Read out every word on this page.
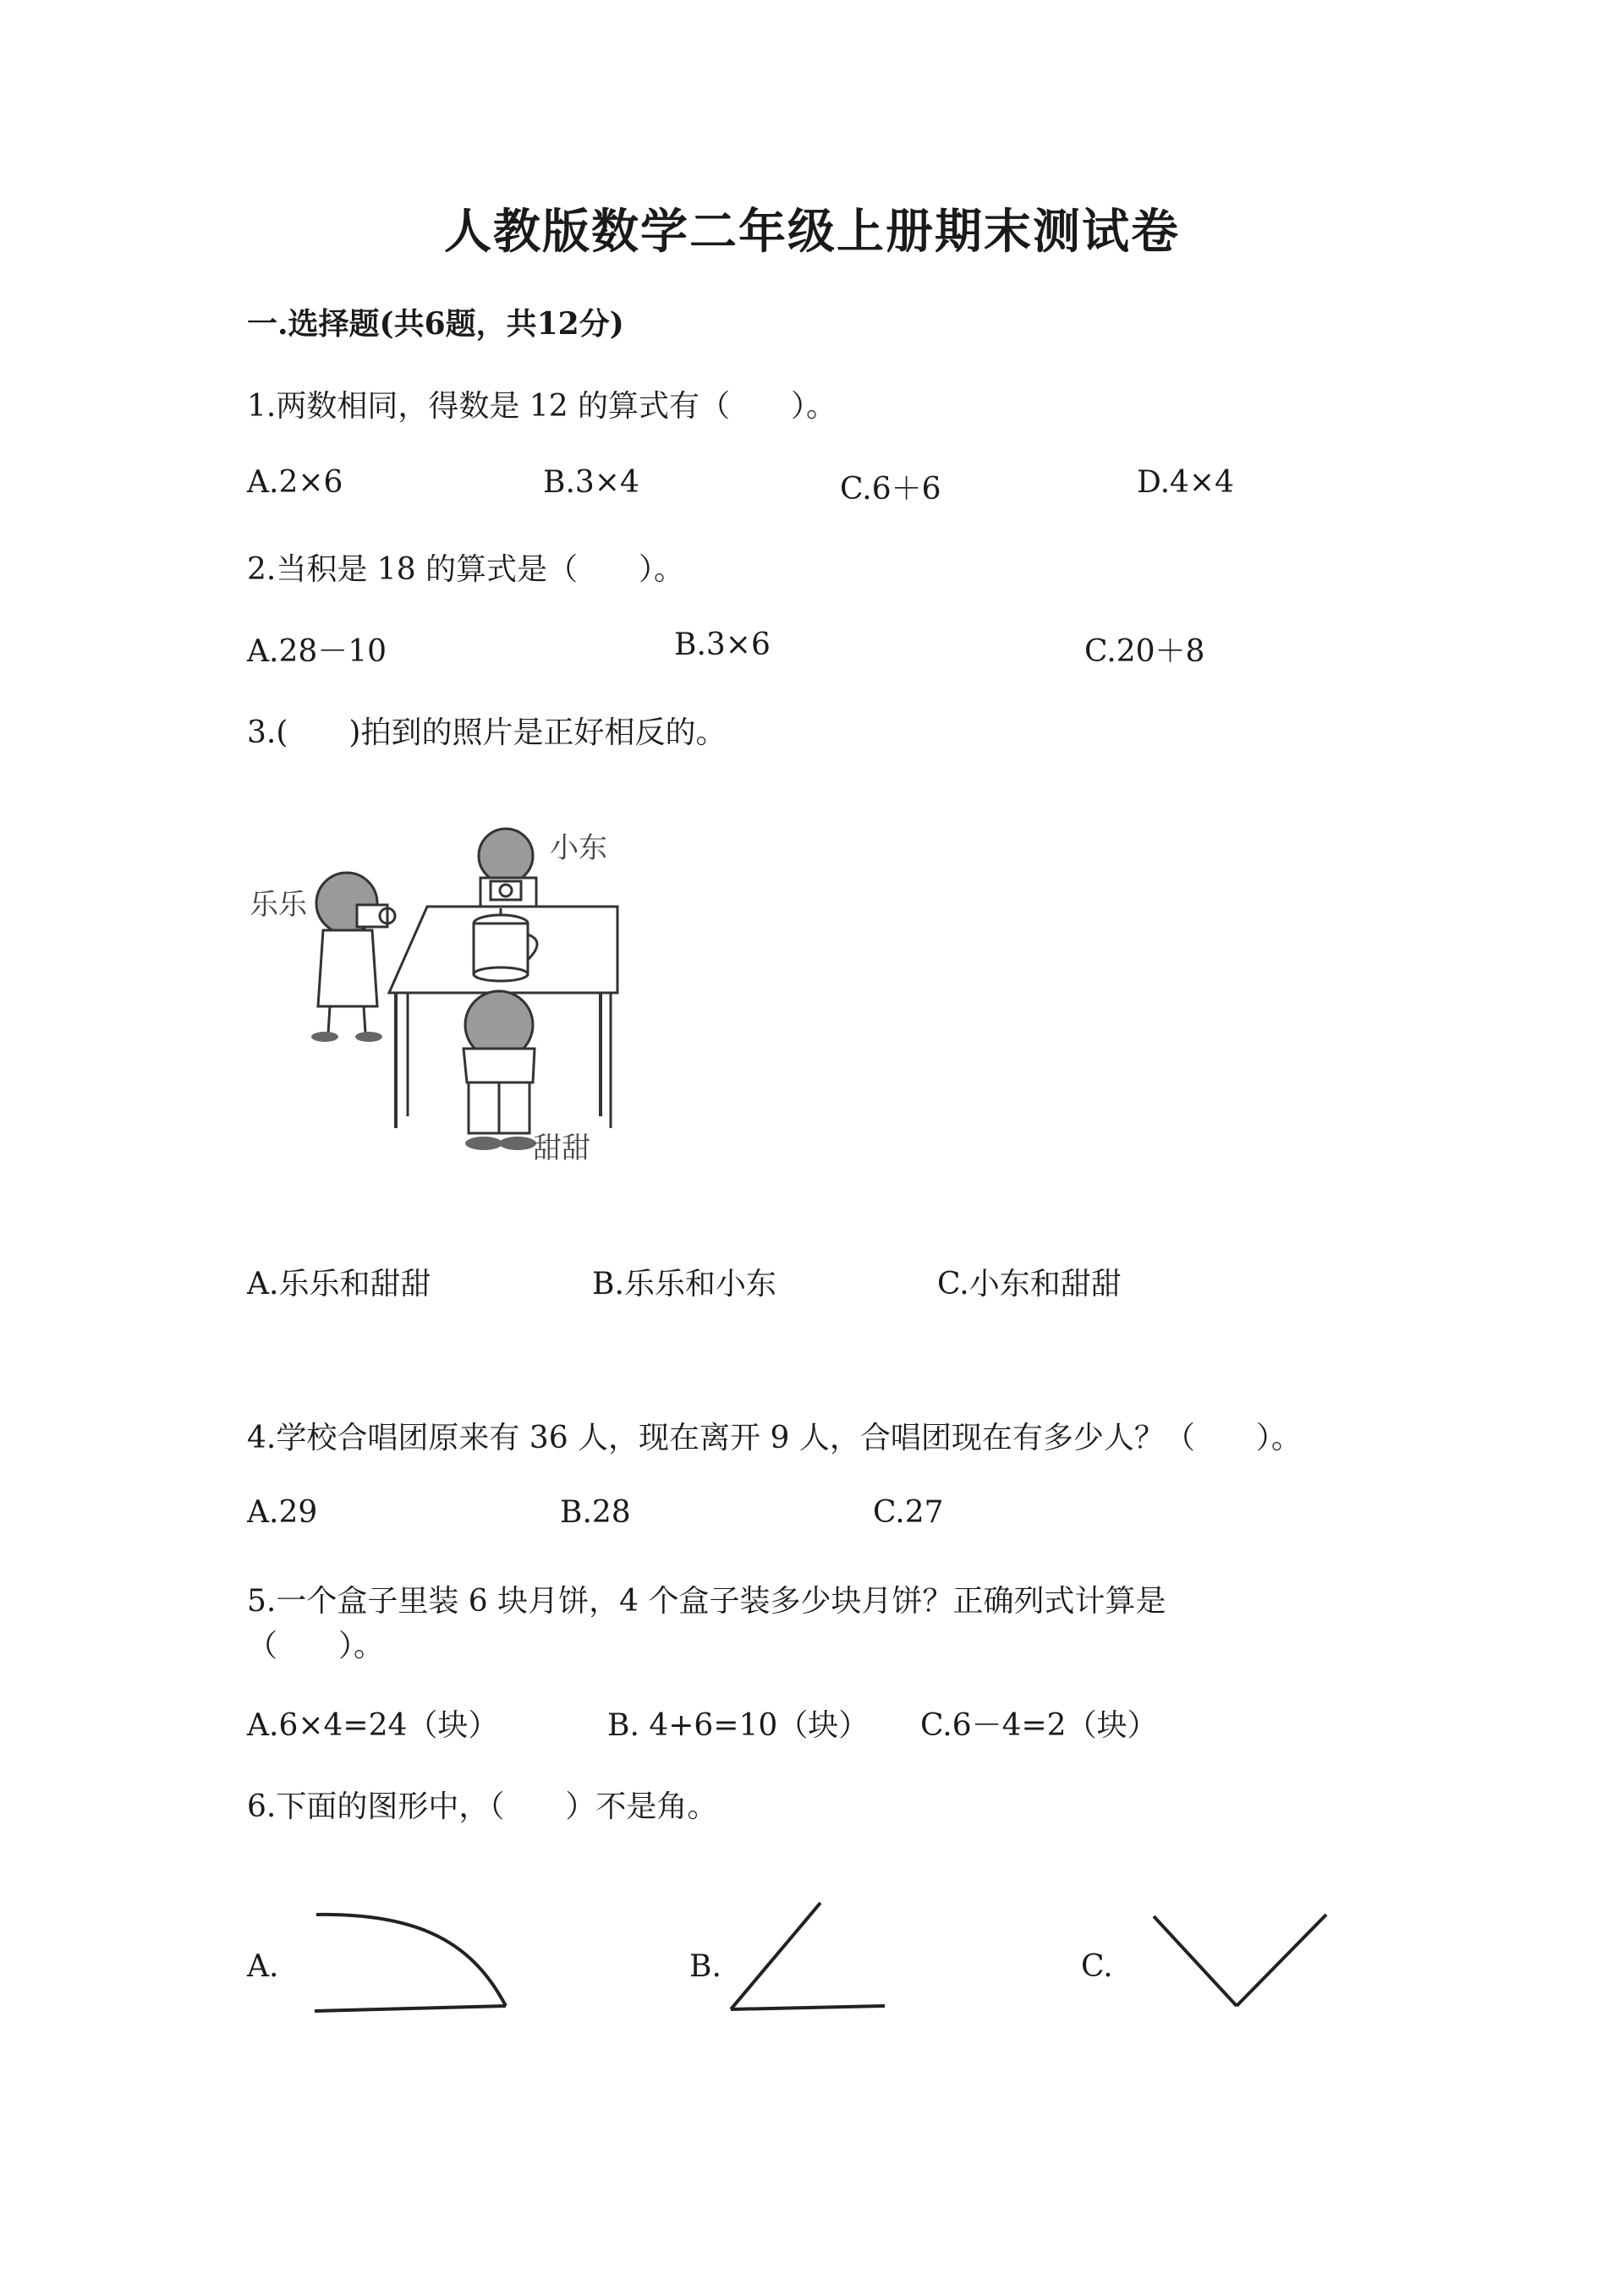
人教版数学二年级上册期末测试卷
一.选择题(共6题，共12分)
1.两数相同，得数是 12 的算式有（　　）。
A.2×6	B.3×4	C.6＋6	D.4×4
2.当积是 18 的算式是（　　）。
A.28－10	B.3×6	C.20＋8
3.(　　)拍到的照片是正好相反的。
小东
乐乐
甜甜
A.乐乐和甜甜	B.乐乐和小东	C.小东和甜甜
4.学校合唱团原来有 36 人，现在离开 9 人，合唱团现在有多少人？（　　）。
A.29	B.28	C.27
5.一个盒子里装 6 块月饼，4 个盒子装多少块月饼？正确列式计算是
（　　）。
A.6×4=24（块）	B. 4+6=10（块） C.6－4=2（块）
6.下面的图形中，（　　）不是角。
A.	B.	C.
